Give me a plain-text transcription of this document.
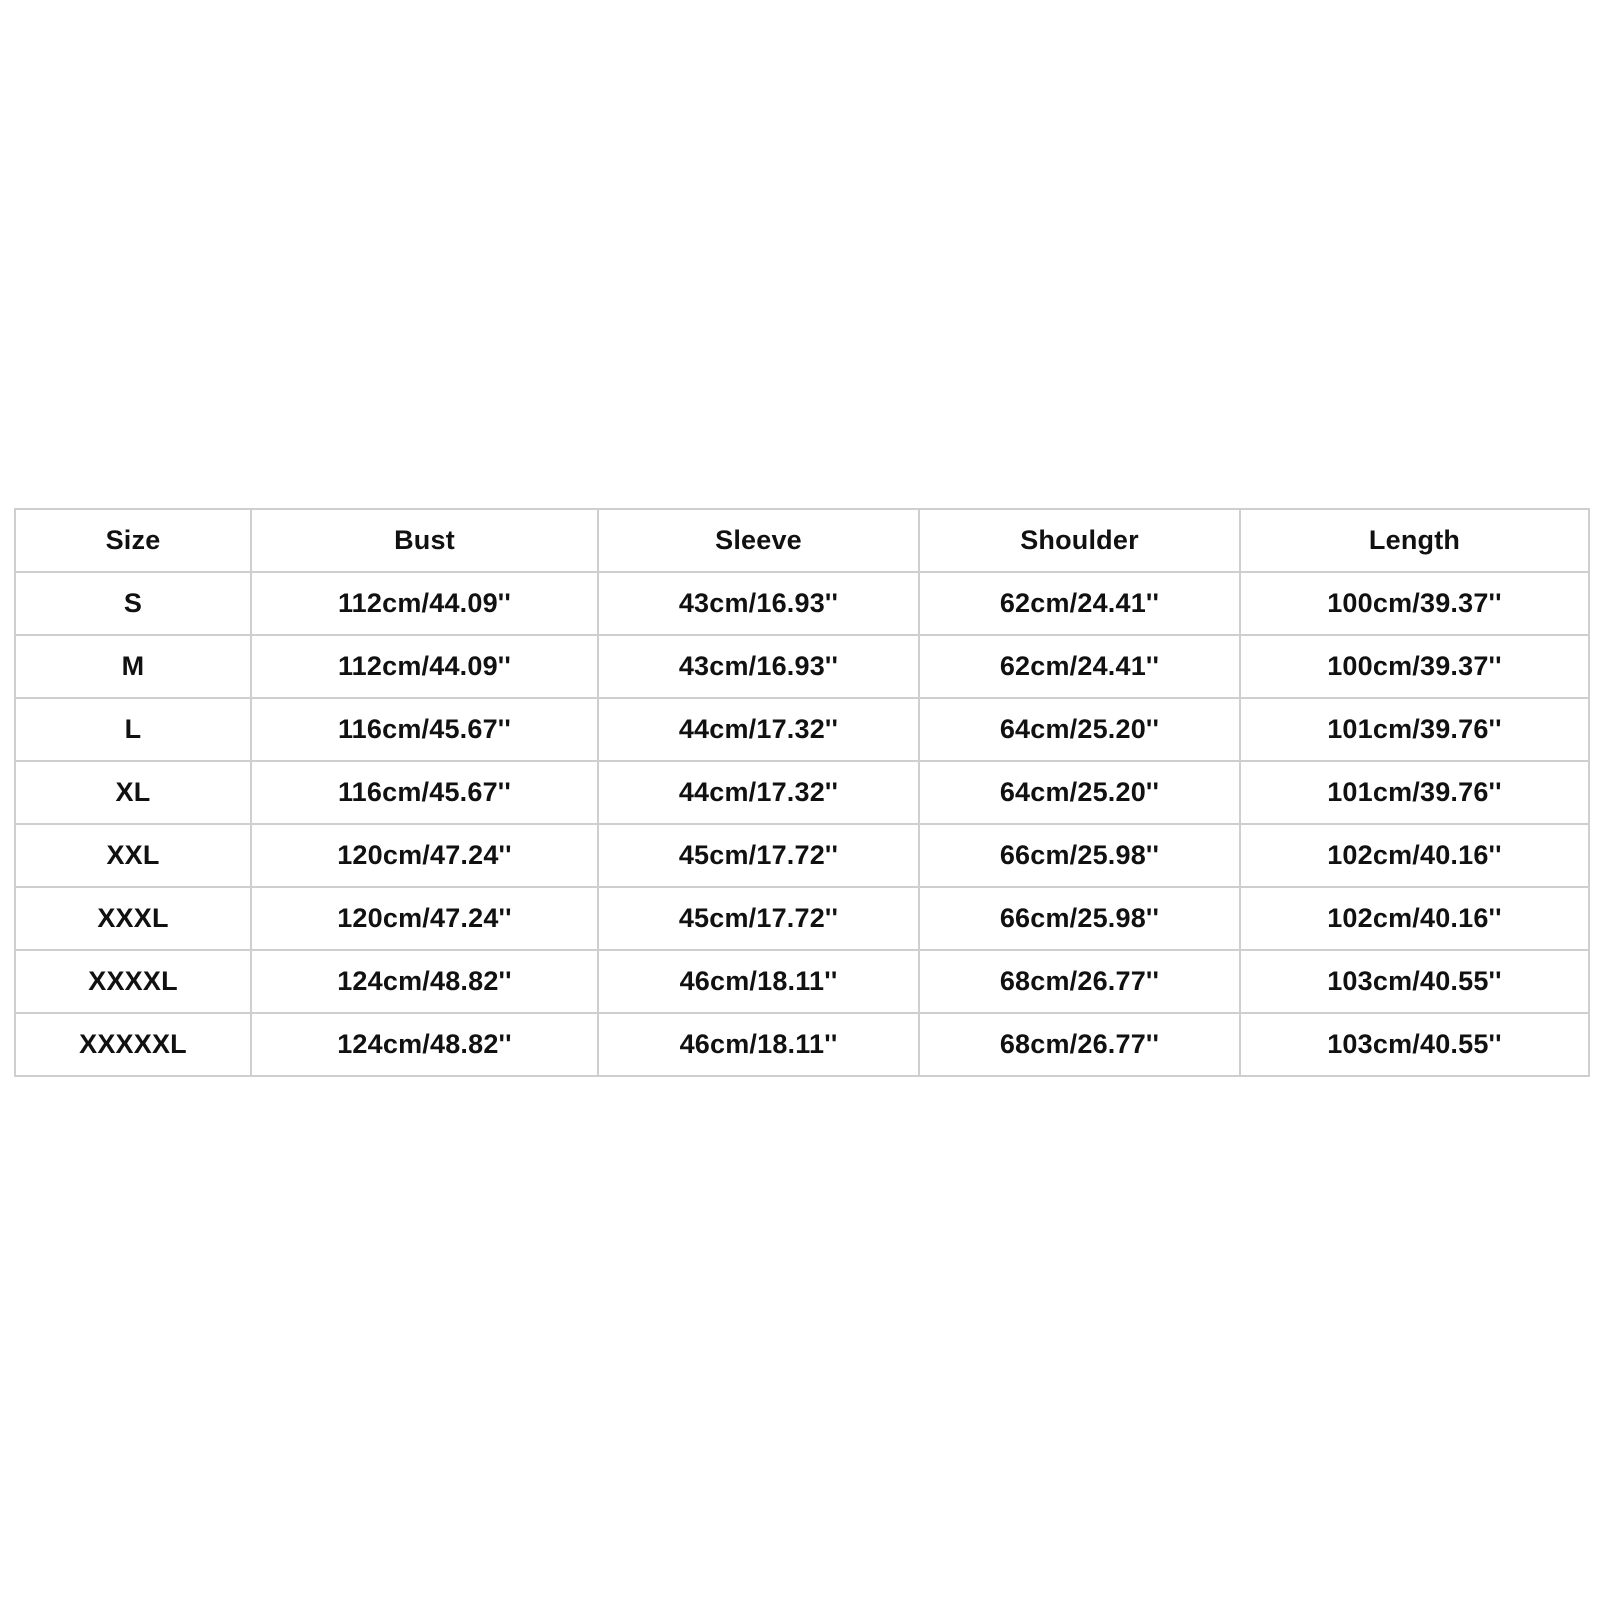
Size	Bust	Sleeve	Shoulder	Length
S	112cm/44.09''	43cm/16.93''	62cm/24.41''	100cm/39.37''
M	112cm/44.09''	43cm/16.93''	62cm/24.41''	100cm/39.37''
L	116cm/45.67''	44cm/17.32''	64cm/25.20''	101cm/39.76''
XL	116cm/45.67''	44cm/17.32''	64cm/25.20''	101cm/39.76''
XXL	120cm/47.24''	45cm/17.72''	66cm/25.98''	102cm/40.16''
XXXL	120cm/47.24''	45cm/17.72''	66cm/25.98''	102cm/40.16''
XXXXL	124cm/48.82''	46cm/18.11''	68cm/26.77''	103cm/40.55''
XXXXXL	124cm/48.82''	46cm/18.11''	68cm/26.77''	103cm/40.55''
